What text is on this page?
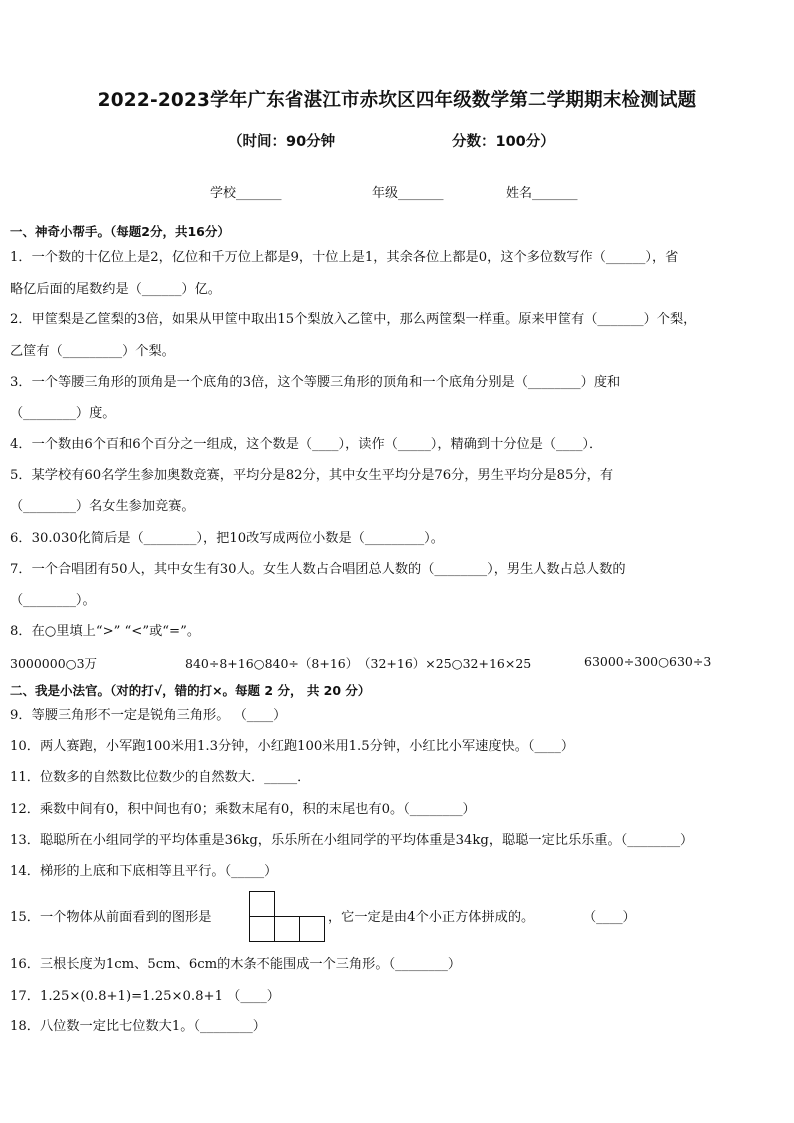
2022-2023学年广东省湛江市赤坎区四年级数学第二学期期末检测试题
（时间：90分钟	分数：100分）
学校_______	年级_______	姓名_______
一、神奇小帮手。（每题2分，共16分）
1．一个数的十亿位上是2，亿位和千万位上都是9，十位上是1，其余各位上都是0，这个多位数写作（______），省
略亿后面的尾数约是（______）亿。
2．甲筐梨是乙筐梨的3倍，如果从甲筐中取出15个梨放入乙筐中，那么两筐梨一样重。原来甲筐有（_______）个梨，
乙筐有（_________）个梨。
3．一个等腰三角形的顶角是一个底角的3倍，这个等腰三角形的顶角和一个底角分别是（________）度和
（________）度。
4．一个数由6个百和6个百分之一组成，这个数是（____），读作（_____），精确到十分位是（____）．
5．某学校有60名学生参加奥数竞赛，平均分是82分，其中女生平均分是76分，男生平均分是85分，有
（________）名女生参加竞赛。
6．30.030化简后是（________），把10改写成两位小数是（_________）。
7．一个合唱团有50人，其中女生有30人。女生人数占合唱团总人数的（________），男生人数占总人数的
（________）。
8．在○里填上“>” “<”或“=”。
3000000○3万	840÷8+16○840÷（8+16） （32+16）×25○32+16×25	63000÷300○630÷3
二、我是小法官。（对的打√，错的打×。每题 2 分， 共 20 分）
9．等腰三角形不一定是锐角三角形。 （____）
10．两人赛跑，小军跑100米用1.3分钟，小红跑100米用1.5分钟，小红比小军速度快。（____）
11．位数多的自然数比位数少的自然数大．_____．
12．乘数中间有0，积中间也有0；乘数末尾有0，积的末尾也有0。（________）
13．聪聪所在小组同学的平均体重是36kg，乐乐所在小组同学的平均体重是34kg，聪聪一定比乐乐重。（________）
14．梯形的上底和下底相等且平行。（_____）
15．一个物体从前面看到的图形是	，它一定是由4个小正方体拼成的。	（____）
16．三根长度为1cm、5cm、6cm的木条不能围成一个三角形。（________）
17．1.25×(0.8+1)=1.25×0.8+1 （____）
18．八位数一定比七位数大1。（________）
